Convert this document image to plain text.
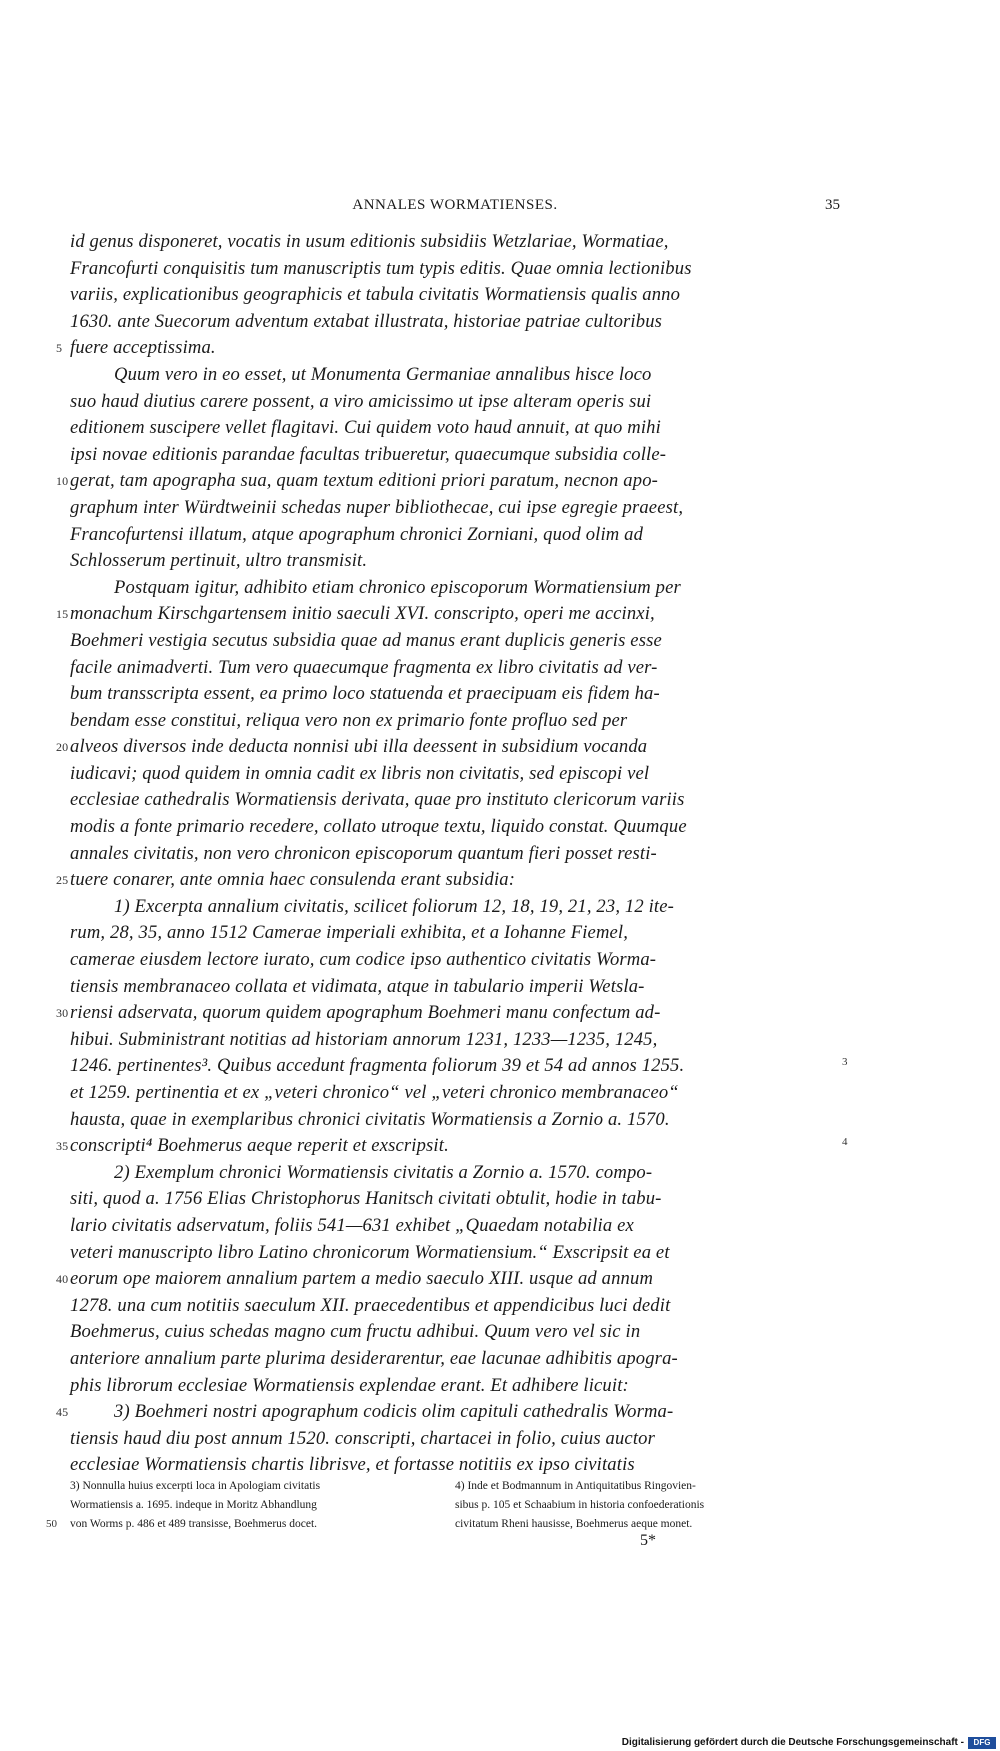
ANNALES WORMATIENSES.	35
id genus disponeret, vocatis in usum editionis subsidiis Wetzlariae, Wormatiae,
Francofurti conquisitis tum manuscriptis tum typis editis. Quae omnia lectionibus
variis, explicationibus geographicis et tabula civitatis Wormatiensis qualis anno
1630. ante Suecorum adventum extabat illustrata, historiae patriae cultoribus
5 fuere acceptissima.
Quum vero in eo esset, ut Monumenta Germaniae annalibus hisce loco
suo haud diutius carere possent, a viro amicissimo ut ipse alteram operis sui
editionem suscipere vellet flagitavi. Cui quidem voto haud annuit, at quo mihi
ipsi novae editionis parandae facultas tribueretur, quaecumque subsidia colle-
10 gerat, tam apographa sua, quam textum editioni priori paratum, necnon apo-
graphum inter Würdtweinii schedas nuper bibliothecae, cui ipse egregie praeest,
Francofurtensi illatum, atque apographum chronici Zorniani, quod olim ad
Schlosserum pertinuit, ultro transmisit.
Postquam igitur, adhibito etiam chronico episcoporum Wormatiensium per
15 monachum Kirschgartensem initio saeculi XVI. conscripto, operi me accinxi,
Boehmeri vestigia secutus subsidia quae ad manus erant duplicis generis esse
facile animadverti. Tum vero quaecumque fragmenta ex libro civitatis ad ver-
bum transscripta essent, ea primo loco statuenda et praecipuam eis fidem ha-
bendam esse constitui, reliqua vero non ex primario fonte profluo sed per
20 alveos diversos inde deducta nonnisi ubi illa deessent in subsidium vocanda
iudicavi; quod quidem in omnia cadit ex libris non civitatis, sed episcopi vel
ecclesiae cathedralis Wormatiensis derivata, quae pro instituto clericorum variis
modis a fonte primario recedere, collato utroque textu, liquido constat. Quumque
annales civitatis, non vero chronicon episcoporum quantum fieri posset resti-
25 tuere conarer, ante omnia haec consulenda erant subsidia:
1) Excerpta annalium civitatis, scilicet foliorum 12, 18, 19, 21, 23, 12 ite-
rum, 28, 35, anno 1512 Camerae imperiali exhibita, et a Iohanne Fiemel,
camerae eiusdem lectore iurato, cum codice ipso authentico civitatis Worma-
tiensis membranaceo collata et vidimata, atque in tabulario imperii Wetsla-
30 riensi adservata, quorum quidem apographum Boehmeri manu confectum ad-
hibui. Subministrant notitias ad historiam annorum 1231, 1233—1235, 1245,
1246. pertinentes³. Quibus accedunt fragmenta foliorum 39 et 54 ad annos 1255.	3
et 1259. pertinentia et ex „veteri chronico“ vel „veteri chronico membranaceo“
hausta, quae in exemplaribus chronici civitatis Wormatiensis a Zornio a. 1570.
35 conscripti⁴ Boehmerus aeque reperit et exscripsit.	4
2) Exemplum chronici Wormatiensis civitatis a Zornio a. 1570. compo-
siti, quod a. 1756 Elias Christophorus Hanitsch civitati obtulit, hodie in tabu-
lario civitatis adservatum, foliis 541—631 exhibet „Quaedam notabilia ex
veteri manuscripto libro Latino chronicorum Wormatiensium.“ Exscripsit ea et
40 eorum ope maiorem annalium partem a medio saeculo XIII. usque ad annum
1278. una cum notitiis saeculum XII. praecedentibus et appendicibus luci dedit
Boehmerus, cuius schedas magno cum fructu adhibui. Quum vero vel sic in
anteriore annalium parte plurima desiderarentur, eae lacunae adhibitis apogra-
phis librorum ecclesiae Wormatiensis explendae erant. Et adhibere licuit:
45 3) Boehmeri nostri apographum codicis olim capituli cathedralis Worma-
tiensis haud diu post annum 1520. conscripti, chartacei in folio, cuius auctor
ecclesiae Wormatiensis chartis librisve, et fortasse notitiis ex ipso civitatis
3) Nonnulla huius excerpti loca in Apologiam civitatis
Wormatiensis a. 1695. indeque in Moritz Abhandlung
50 von Worms p. 486 et 489 transisse, Boehmerus docet.
4) Inde et Bodmannum in Antiquitatibus Ringovien-
sibus p. 105 et Schaabium in historia confoederationis
civitatum Rheni hausisse, Boehmerus aeque monet.
5*
Digitalisierung gefördert durch die Deutsche Forschungsgemeinschaft -	DFG
